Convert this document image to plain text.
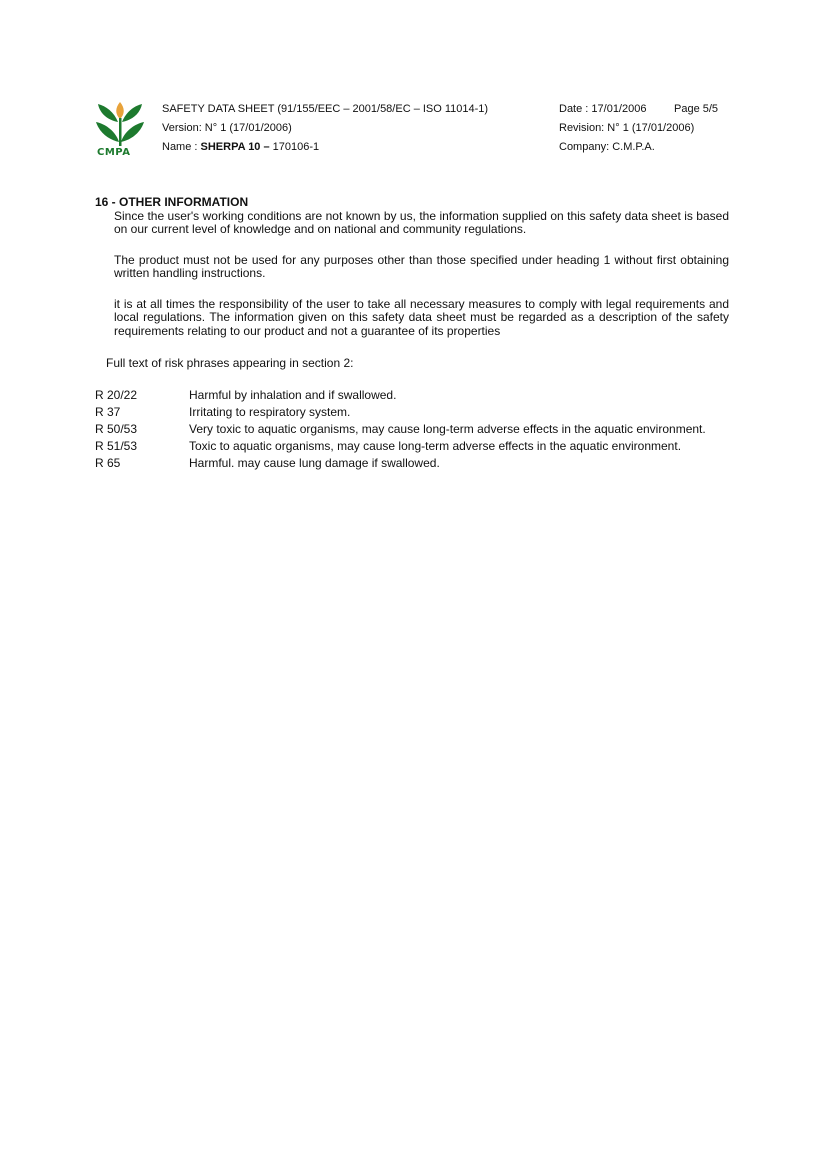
CMPA
SAFETY DATA SHEET (91/155/EEC – 2001/58/EC – ISO 11014-1)
Version: N° 1 (17/01/2006)
Name : SHERPA 10 – 170106-1
Date : 17/01/2006	Page 5/5
Revision: N° 1 (17/01/2006)
Company: C.M.P.A.
16 - OTHER INFORMATION

Since the user's working conditions are not known by us, the information supplied on this safety data sheet is based on our current level of knowledge and on national and community regulations.

The product must not be used for any purposes other than those specified under heading 1 without first obtaining written handling instructions.

it is at all times the responsibility of the user to take all necessary measures to comply with legal requirements and local regulations. The information given on this safety data sheet must be regarded as a description of the safety requirements relating to our product and not a guarantee of its properties

Full text of risk phrases appearing in section 2:
R 20/22	Harmful by inhalation and if swallowed.
R 37	Irritating to respiratory system.
R 50/53	Very toxic to aquatic organisms, may cause long-term adverse effects in the aquatic environment.
R 51/53	Toxic to aquatic organisms, may cause long-term adverse effects in the aquatic environment.
R 65	Harmful. may cause lung damage if swallowed.
